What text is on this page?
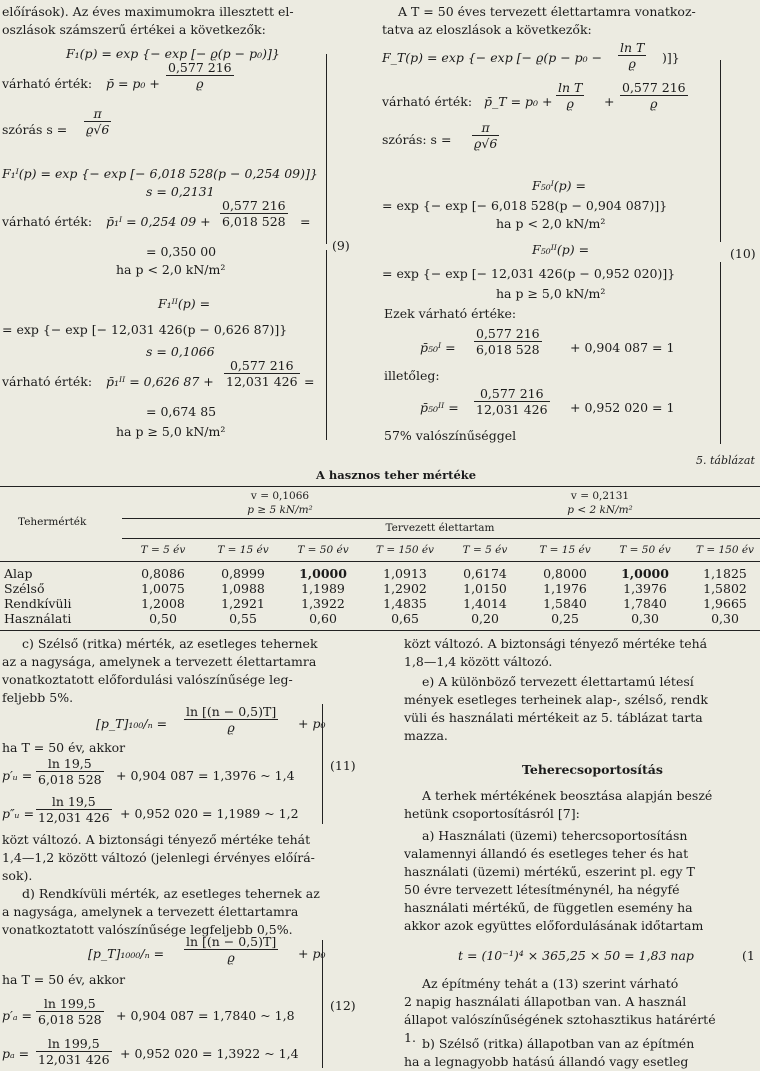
előírások). Az éves maximumokra illesztett el-
oszlások számszerű értékei a következők:
F₁(p) = exp {− exp [− ϱ(p − p₀)]}
várható érték: p̄ = $p_0 + \frac{0,577 216}{ϱ}$
szórás $s = \frac{\pi}{ϱ√6}$
F₁ᴵ(p) = exp {− exp [− 6,018 528(p − 0,254 09)]}
s = 0,2131
várható érték: p̄₁ᴵ = 0,254 $09 + \frac{0,577 216}{6,018 528}$ =
= 0,350 00
ha p < 2,0 kN/m²
F₁ᴵᴵ(p) =
= exp {− exp [− 12,031 426(p − 0,626 87)]}
s = 0,1066
várható érték: p̄₁ᴵᴵ = 0,626 $87 + \frac{0,577 216}{12,031 426}$ =
= 0,674 85
ha p ≥ 5,0 kN/m²
(9)
A T = 50 éves tervezett élettartamra vonatkoz-
tatva az eloszlások a következők:
F_T(p) = exp {− exp [− $ϱ(p - p_0 - \frac{\text{ln T}}{ϱ}$ )]}
várható érték: p̄_T = $p_0 + \frac{\text{ln T}}{ϱ} + \frac{0,577 216}{ϱ}$
szórás: $s = \frac{\pi}{ϱ√6}$
F₅₀ᴵ(p) =
= exp {− exp [− 6,018 528(p − 0,904 087)]}
ha p < 2,0 kN/m²
F₅₀ᴵᴵ(p) =
= exp {− exp [− 12,031 426(p − 0,952 020)]}
ha p ≥ 5,0 kN/m²
Ezek várható értéke:
p̄₅₀ᴵ = $\frac{0,577 216}{6,018 528} + 0,904$ 087 = 1
illetőleg:
p̄₅₀ᴵᴵ = $\frac{0,577 216}{12,031 426} + 0,952$ 020 = 1
57% valószínűséggel
(10)
5. táblázat
A hasznos teher mértéke
Tehermérték
v = 0,1066
p ≥ 5 kN/m²
v = 0,2131
p < 2 kN/m²
Tervezett élettartam
T = 5 év	T = 15 év	T = 50 év	T = 150 év	T = 5 év	T = 15 év	T = 50 év	T = 150 év
Alap	0,8086	0,8999	1,0000	1,0913	0,6174	0,8000	1,0000	1,1825
Szélső	1,0075	1,0988	1,1989	1,2902	1,0150	1,1976	1,3976	1,5802
Rendkívüli	1,2008	1,2921	1,3922	1,4835	1,4014	1,5840	1,7840	1,9665
Használati	0,50	0,55	0,60	0,65	0,20	0,25	0,30	0,30
c) Szélső (ritka) mérték, az esetleges tehernek
az a nagysága, amelynek a tervezett élettartamra
vonatkoztatott előfordulási valószínűsége leg-
feljebb 5%.
[p_T]₁₀₀/ₙ = $\frac{\ln [(n - 0,5)T]}{ϱ} + p_0$
ha T = 50 év, akkor
p′ᵤ = $\frac{\ln 19,5}{6,018 528} + 0,904$ 087 = 1,3976 ~ 1,4
p″ᵤ = $\frac{\ln 19,5}{12,031 426} + 0,952$ 020 = 1,1989 ~ 1,2
(11)
közt változó. A biztonsági tényező mértéke tehát
1,4—1,2 között változó (jelenlegi érvényes előírá-
sok).
d) Rendkívüli mérték, az esetleges tehernek az
a nagysága, amelynek a tervezett élettartamra
vonatkoztatott valószínűsége legfeljebb 0,5%.
[p_T]₁₀₀₀/ₙ = $\frac{\ln [(n - 0,5)T]}{ϱ} + p_0$
ha T = 50 év, akkor
$p'_a = \frac{\ln 199,5}{6,018 528} + 0,904$ 087 = 1,7840 ~ 1,8
$p_a = \frac{\ln 199,5}{12,031 426} + 0,952$ 020 = 1,3922 ~ 1,4
(12)
közt változó. A biztonsági tényező mértéke tehá
1,8—1,4 között változó.
e) A különböző tervezett élettartamú létesí
mények esetleges terheinek alap-, szélső, rendk
vüli és használati mértékeit az 5. táblázat tarta
mazza.
Teherecsoportosítás
A terhek mértékének beosztása alapján beszé
hetünk csoportosításról [7]:
a) Használati (üzemi) tehercsoportosításn
valamennyi állandó és esetleges teher és hat
használati (üzemi) mértékű, eszerint pl. egy T
50 évre tervezett létesítménynél, ha négyfé
használati mértékű, de független esemény ha
akkor azok együttes előfordulásának időtartam
t = (10⁻¹)⁴ × 365,25 × 50 = 1,83 nap	(1
Az építmény tehát a (13) szerint várható
2 napig használati állapotban van. A használ
állapot valószínűségének sztohasztikus határérté
1. b) Szélső (ritka) állapotban van az építmén
ha a legnagyobb hatású állandó vagy esetleg
